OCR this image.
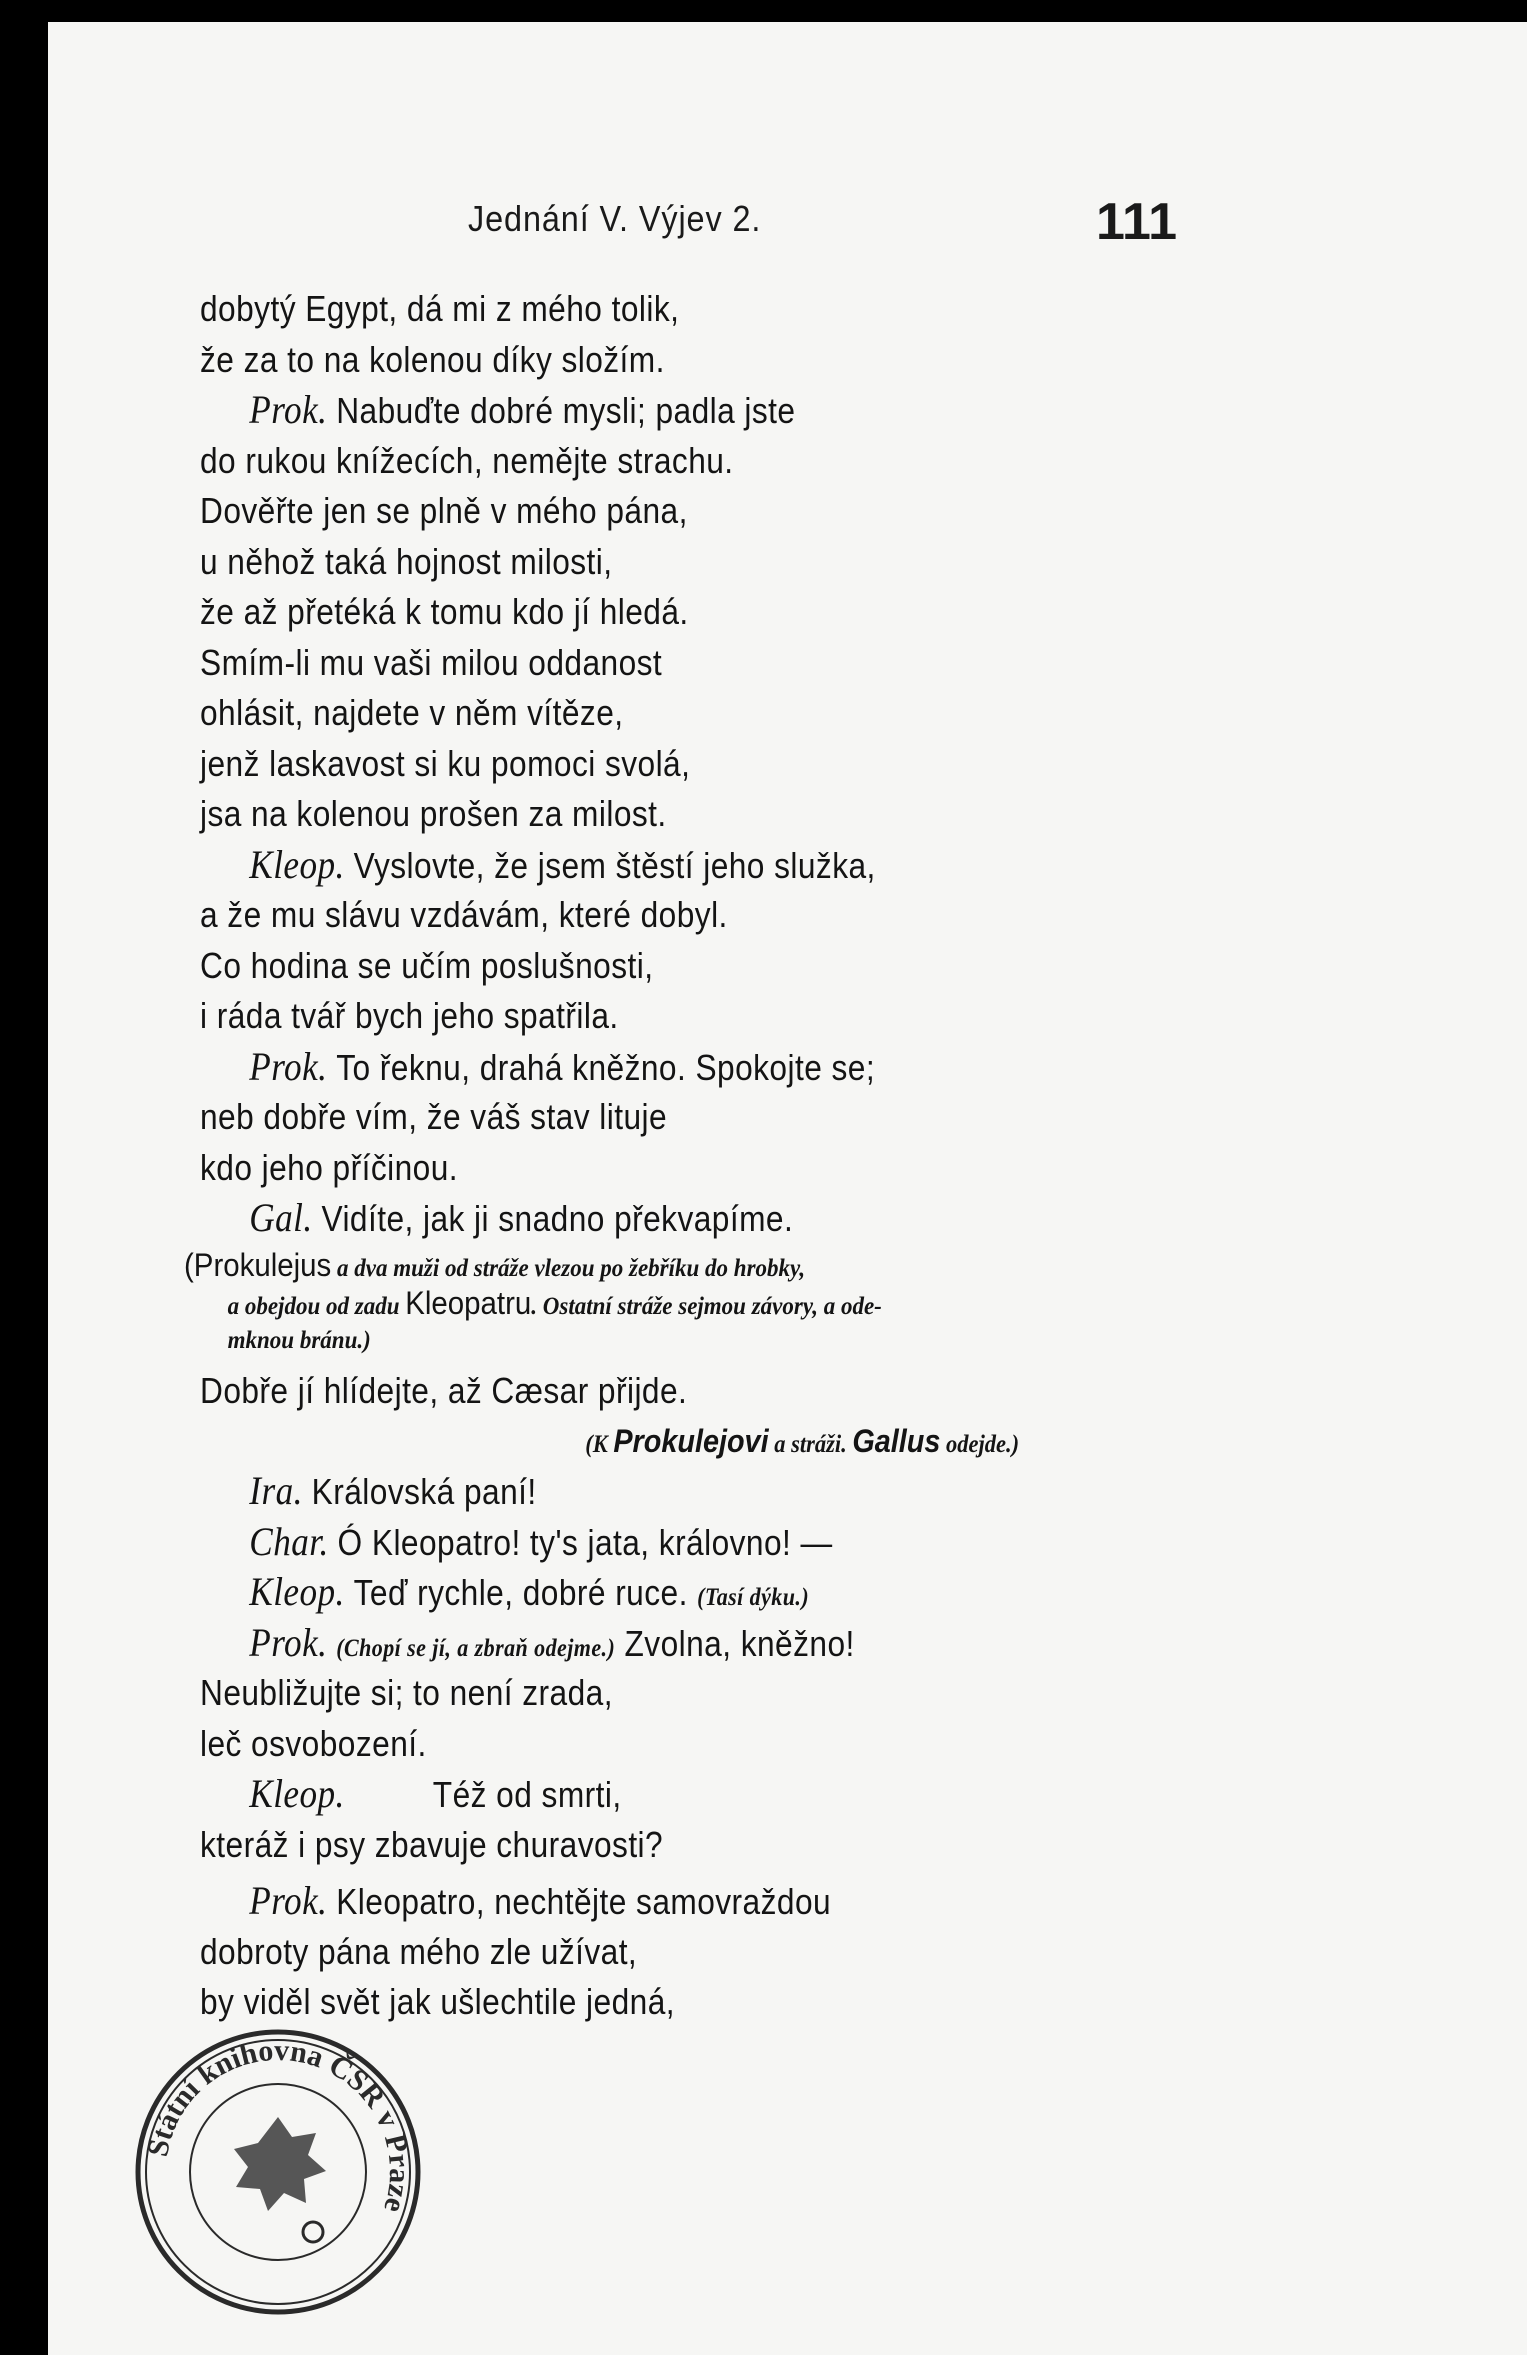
Jednání V. Výjev 2.	111
dobytý Egypt, dá mi z mého tolik,
že za to na kolenou díky složím.
Prok. Nabuďte dobré mysli; padla jste
do rukou knížecích, nemějte strachu.
Dověřte jen se plně v mého pána,
u něhož taká hojnost milosti,
že až přetéká k tomu kdo jí hledá.
Smím-li mu vaši milou oddanost
ohlásit, najdete v něm vítěze,
jenž laskavost si ku pomoci svolá,
jsa na kolenou prošen za milost.
Kleop. Vyslovte, že jsem štěstí jeho služka,
a že mu slávu vzdávám, které dobyl.
Co hodina se učím poslušnosti,
i ráda tvář bych jeho spatřila.
Prok. To řeknu, drahá kněžno. Spokojte se;
neb dobře vím, že váš stav lituje
kdo jeho příčinou.
Gal. Vidíte, jak ji snadno překvapíme.
(Prokulejus a dva muži od stráže vlezou po žebříku do hrobky,
a obejdou od zadu Kleopatru. Ostatní stráže sejmou závory, a ode-
mknou bránu.)
Dobře jí hlídejte, až Cæsar přijde.
(K Prokulejovi a stráži. Gallus odejde.)
Ira. Královská paní!
Char. Ó Kleopatro! ty's jata, královno! —
Kleop. Teď rychle, dobré ruce. (Tasí dýku.)
Prok. (Chopí se jí, a zbraň odejme.) Zvolna, kněžno!
Neubližujte si; to není zrada,
leč osvobození.
Kleop. Též od smrti,
kteráž i psy zbavuje churavosti?
Prok. Kleopatro, nechtějte samovraždou
dobroty pána mého zle užívat,
by viděl svět jak ušlechtile jedná,
Státní knihovna ČSR v Praze
